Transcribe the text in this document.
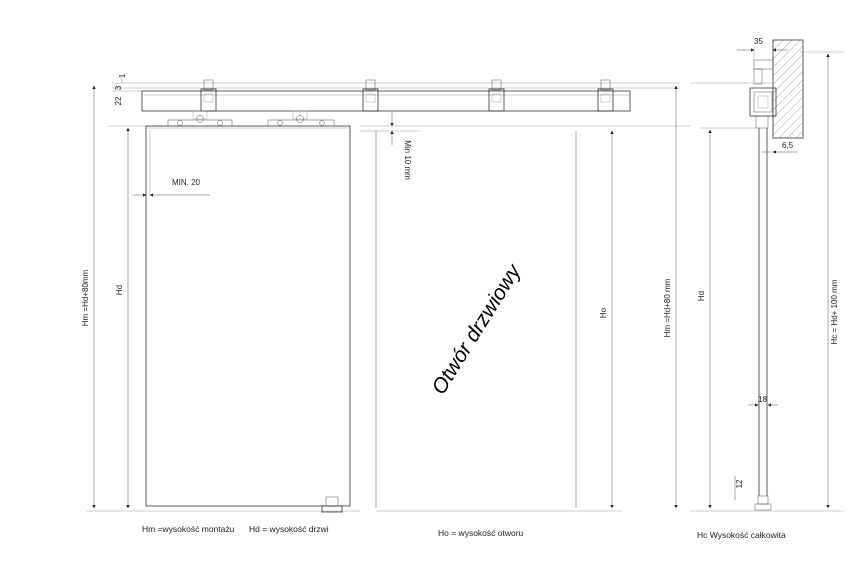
Hm =Hd+80mm	Hd
1
3
22
MIN. 20
Otwór drzwiowy
Min 10 mm
Ho
35
6,5
18
12
Hm =Hd+80 mm	Hd	Hc = Hd+ 100 mm
Hm =wysokość montażu Hd = wysokość drzwi	Ho = wysokość otworu	Hc Wysokość całkowita
